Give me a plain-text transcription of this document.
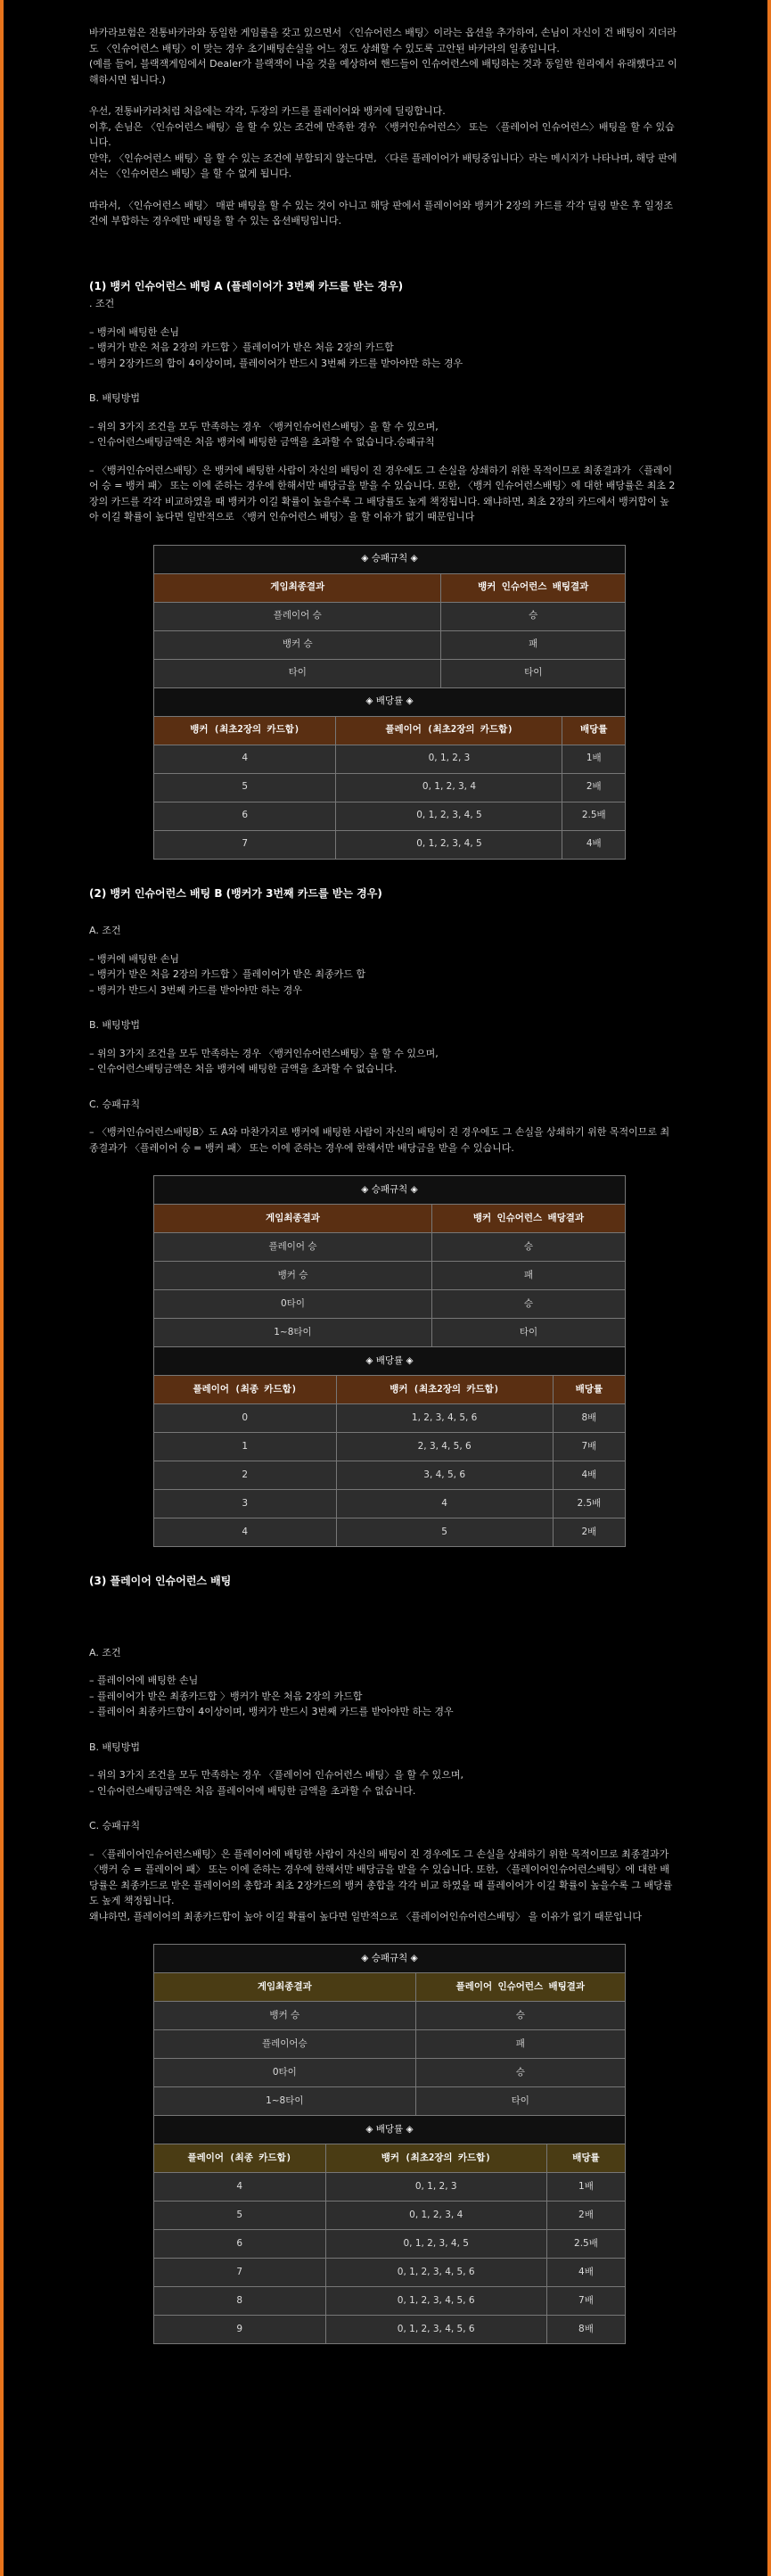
바카라보험은 전통바카라와 동일한 게임룰을 갖고 있으면서 〈인슈어런스 배팅〉이라는 옵션을 추가하여, 손님이 자신이 건 배팅이 지더라도 〈인슈어런스 배팅〉이 맞는 경우 초기배팅손실을 어느 정도 상쇄할 수 있도록 고안된 바카라의 일종입니다.

(예를 들어, 블랙잭게임에서 Dealer가 블랙잭이 나올 것을 예상하여 핸드들이 인슈어런스에 배팅하는 것과 동일한 원리에서 유래했다고 이해하시면 됩니다.)

우선, 전통바카라처럼 처음에는 각각, 두장의 카드를 플레이어와 뱅커에 딜링합니다.

이후, 손님은 〈인슈어런스 배팅〉을 할 수 있는 조건에 만족한 경우 〈뱅커인슈어런스〉 또는 〈플레이어 인슈어런스〉배팅을 할 수 있습니다.

만약, 〈인슈어런스 배팅〉을 할 수 있는 조건에 부합되지 않는다면, 〈다른 플레이어가 배팅중입니다〉라는 메시지가 나타나며, 해당 판에서는 〈인슈어런스 배팅〉을 할 수 없게 됩니다.

따라서, 〈인슈어런스 배팅〉 매판 배팅을 할 수 있는 것이 아니고 해당 판에서 플레이어와 뱅커가 2장의 카드를 각각 딜링 받은 후 일정조건에 부합하는 경우에만 배팅을 할 수 있는 옵션배팅입니다.

(1) 뱅커 인슈어런스 배팅 A (플레이어가 3번째 카드를 받는 경우)

. 조건

– 뱅커에 배팅한 손님

– 뱅커가 받은 처음 2장의 카드합 〉플레이어가 받은 처음 2장의 카드합

– 뱅커 2장카드의 합이 4이상이며, 플레이어가 반드시 3번째 카드를 받아야만 하는 경우

B. 배팅방법

– 위의 3가지 조건을 모두 만족하는 경우 〈뱅커인슈어런스배팅〉을 할 수 있으며,

– 인슈어런스배팅금액은 처음 뱅커에 배팅한 금액을 초과할 수 없습니다.승패규칙

– 〈뱅커인슈어런스배팅〉은 뱅커에 배팅한 사람이 자신의 배팅이 진 경우에도 그 손실을 상쇄하기 위한 목적이므로 최종결과가 〈플레이어 승 = 뱅커 패〉 또는 이에 준하는 경우에 한해서만 배당금을 받을 수 있습니다. 또한, 〈뱅커 인슈어런스배팅〉에 대한 배당률은 최초 2장의 카드를 각각 비교하였을 때 뱅커가 이길 확률이 높을수록 그 배당률도 높게 책정됩니다. 왜냐하면, 최초 2장의 카드에서 뱅커합이 높아 이길 확률이 높다면 일반적으로 〈뱅커 인슈어런스 배팅〉을 할 이유가 없기 때문입니다

◈ 승패규칙 ◈			
게임최종결과		뱅커 인슈어런스 배팅결과	
플레이어 승		승	
뱅커 승		패	
타이		타이	
◈ 배당률 ◈			
뱅커 (최초2장의 카드합)	플레이어 (최초2장의 카드합)		배당률
4	0, 1, 2, 3		1배
5	0, 1, 2, 3, 4		2배
6	0, 1, 2, 3, 4, 5		2.5배
7	0, 1, 2, 3, 4, 5		4배

(2) 뱅커 인슈어런스 배팅 B (뱅커가 3번째 카드를 받는 경우)

A. 조건

– 뱅커에 배팅한 손님

– 뱅커가 받은 처음 2장의 카드합 〉플레이어가 받은 최종카드 합

– 뱅커가 반드시 3번째 카드를 받아야만 하는 경우

B. 배팅방법

– 위의 3가지 조건을 모두 만족하는 경우 〈뱅커인슈어런스배팅〉을 할 수 있으며,

– 인슈어런스배팅금액은 처음 뱅커에 배팅한 금액을 초과할 수 없습니다.

C. 승패규칙

– 〈뱅커인슈어런스배팅B〉도 A와 마찬가지로 뱅커에 배팅한 사람이 자신의 배팅이 진 경우에도 그 손실을 상쇄하기 위한 목적이므로 최종결과가 〈플레이어 승 = 뱅커 패〉 또는 이에 준하는 경우에 한해서만 배당금을 받을 수 있습니다.

◈ 승패규칙 ◈			
게임최종결과		뱅커 인슈어런스 배당결과	
플레이어 승		승	
뱅커 승		패	
0타이		승	
1~8타이		타이	
◈ 배당률 ◈			
플레이어 (최종 카드합)	뱅커 (최초2장의 카드합)		배당률
0	1, 2, 3, 4, 5, 6		8배
1	2, 3, 4, 5, 6		7배
2	3, 4, 5, 6		4배
3	4		2.5배
4	5		2배

(3) 플레이어 인슈어런스 배팅

A. 조건

– 플레이어에 배팅한 손님

– 플레이어가 받은 최종카드합 〉뱅커가 받은 처음 2장의 카드합

– 플레이어 최종카드합이 4이상이며, 뱅커가 반드시 3번째 카드를 받아야만 하는 경우

B. 배팅방법

– 위의 3가지 조건을 모두 만족하는 경우 〈플레이어 인슈어런스 배팅〉을 할 수 있으며,

– 인슈어런스배팅금액은 처음 플레이어에 배팅한 금액을 초과할 수 없습니다.

C. 승패규칙

– 〈플레이어인슈어런스배팅〉은 플레이어에 배팅한 사람이 자신의 배팅이 진 경우에도 그 손실을 상쇄하기 위한 목적이므로 최종결과가 〈뱅커 승 = 플레이어 패〉 또는 이에 준하는 경우에 한해서만 배당금을 받을 수 있습니다. 또한, 〈플레이어인슈어런스배팅〉에 대한 배당률은 최종카드로 받은 플레이어의 총합과 최초 2장카드의 뱅커 총합을 각각 비교 하였을 때 플레이어가 이길 확률이 높을수록 그 배당률도 높게 책정됩니다.

왜냐하면, 플레이어의 최종카드합이 높아 이길 확률이 높다면 일반적으로 〈플레이어인슈어런스배팅〉 을 이유가 없기 때문입니다

◈ 승패규칙 ◈			
게임최종결과		플레이어 인슈어런스 배팅결과	
뱅커 승		승	
플레이어승		패	
0타이		승	
1~8타이		타이	
◈ 배당률 ◈			
플레이어 (최종 카드합)	뱅커 (최초2장의 카드합)		배당률
4	0, 1, 2, 3		1배
5	0, 1, 2, 3, 4		2배
6	0, 1, 2, 3, 4, 5		2.5배
7	0, 1, 2, 3, 4, 5, 6		4배
8	0, 1, 2, 3, 4, 5, 6		7배
9	0, 1, 2, 3, 4, 5, 6		8배
